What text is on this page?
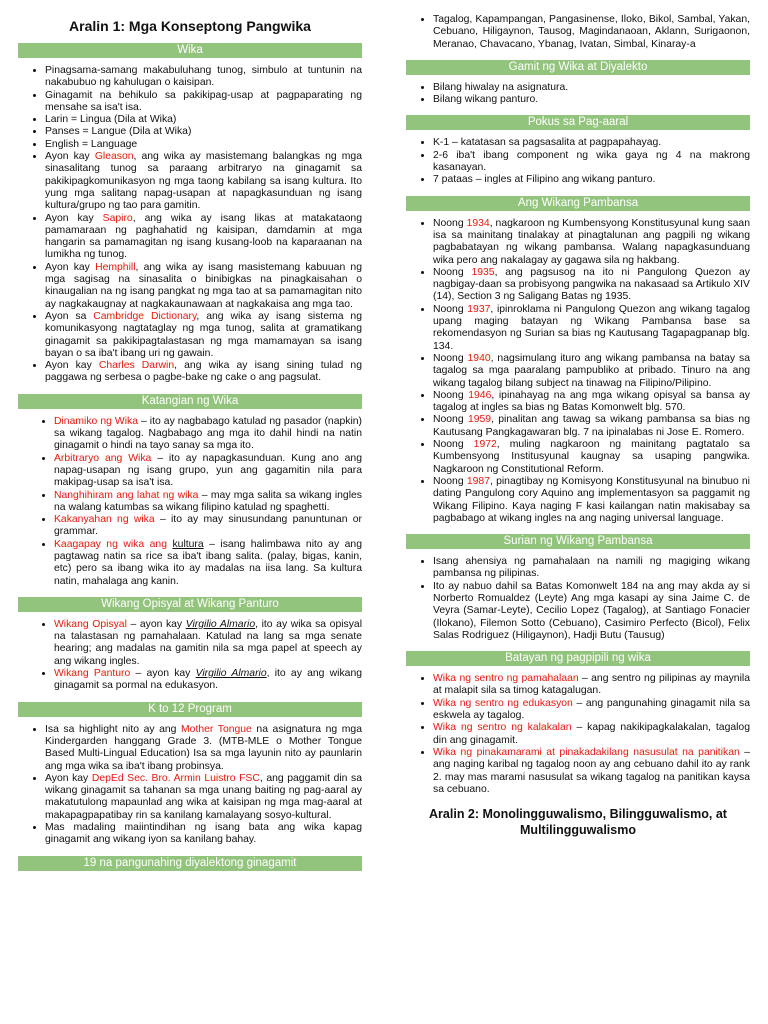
Aralin 1: Mga Konseptong Pangwika
Wika
• Pinagsama-samang makabuluhang tunog, simbulo at tuntunin na nakabubuo ng kahulugan o kaisipan.
• Ginagamit na behikulo sa pakikipag-usap at pagpaparating ng mensahe sa isa't isa.
• Larin = Lingua (Dila at Wika)
• Panses = Langue (Dila at Wika)
• English = Language
• Ayon kay Gleason, ang wika ay masistemang balangkas ng mga sinasalitang tunog sa paraang arbitraryo na ginagamit sa pakikipagkomunikasyon ng mga taong kabilang sa isang kultura. Ito yung mga salitang napag-usapan at napagkasunduan ng isang kultura/grupo ng tao para gamitin.
• Ayon kay Sapiro, ang wika ay isang likas at matakataong pamamaraan ng paghahatid ng kaisipan, damdamin at mga hangarin sa pamamagitan ng isang kusang-loob na kaparaanan na lumikha ng tunog.
• Ayon kay Hemphill, ang wika ay isang masistemang kabuuan ng mga sagisag na sinasalita o binibigkas na pinagkaisahan o kinaugalian na ng isang pangkat ng mga tao at sa pamamagitan nito ay nagkakaugnay at nagkakaunawaan at nagkakaisa ang mga tao.
• Ayon sa Cambridge Dictionary, ang wika ay isang sistema ng komunikasyong nagtataglay ng mga tunog, salita at gramatikang ginagamit sa pakikipagtalastasan ng mga mamamayan sa isang bayan o sa iba't ibang uri ng gawain.
• Ayon kay Charles Darwin, ang wika ay isang sining tulad ng paggawa ng serbesa o pagbe-bake ng cake o ang pagsulat.
Katangian ng Wika
• Dinamiko ng Wika – ito ay nagbabago katulad ng pasador (napkin) sa wikang tagalog. Nagbabago ang mga ito dahil hindi na natin ginagamit o hindi na tayo sanay sa mga ito.
• Arbitraryo ang Wika – ito ay napagkasunduan. Kung ano ang napag-usapan ng isang grupo, yun ang gagamitin nila para makipag-usap sa isa't isa.
• Nanghihiram ang lahat ng wika – may mga salita sa wikang ingles na walang katumbas sa wikang filipino katulad ng spaghetti.
• Kakanyahan ng wika – ito ay may sinusundang panuntunan or grammar.
• Kaagapay ng wika ang kultura – isang halimbawa nito ay ang pagtawag natin sa rice sa iba't ibang salita. (palay, bigas, kanin, etc) pero sa ibang wika ito ay madalas na iisa lang. Sa kultura natin, mahalaga ang kanin.
Wikang Opisyal at Wikang Panturo
• Wikang Opisyal – ayon kay Virgilio Almario, ito ay wika sa opisyal na talastasan ng pamahalaan. Katulad na lang sa mga senate hearing; ang madalas na gamitin nila sa mga papel at speech ay ang wikang ingles.
• Wikang Panturo – ayon kay Virgilio Almario, ito ay ang wikang ginagamit sa pormal na edukasyon.
K to 12 Program
• Isa sa highlight nito ay ang Mother Tongue na asignatura ng mga Kindergarden hanggang Grade 3. (MTB-MLE o Mother Tongue Based Multi-Lingual Education) Isa sa mga layunin nito ay paunlarin ang mga wika sa iba't ibang probinsya.
• Ayon kay DepEd Sec. Bro. Armin Luistro FSC, ang paggamit din sa wikang ginagamit sa tahanan sa mga unang baiting ng pag-aaral ay makatutulong mapaunlad ang wika at kaisipan ng mga mag-aaral at makapagpapatibay rin sa kanilang kamalayang sosyo-kultural.
• Mas madaling maiintindihan ng isang bata ang wika kapag ginagamit ang wikang iyon sa kanilang bahay.
19 na pangunahing diyalektong ginagamit
• Tagalog, Kapampangan, Pangasinense, Iloko, Bikol, Sambal, Yakan, Cebuano, Hiligaynon, Tausog, Magindanaoan, Aklann, Surigaonon, Meranao, Chavacano, Ybanag, Ivatan, Simbal, Kinaray-a
Gamit ng Wika at Diyalekto
• Bilang hiwalay na asignatura.
• Bilang wikang panturo.
Pokus sa Pag-aaral
• K-1 – katatasan sa pagsasalita at pagpapahayag.
• 2-6 iba't ibang component ng wika gaya ng 4 na makrong kasanayan.
• 7 pataas – ingles at Filipino ang wikang panturo.
Ang Wikang Pambansa
• Noong 1934, nagkaroon ng Kumbensyong Konstitusyunal kung saan isa sa mainitang tinalakay at pinagtalunan ang pagpili ng wikang pagbabatayan ng wikang pambansa. Walang napagkasunduang wika pero ang nakalagay ay gagawa sila ng hakbang.
• Noong 1935, ang pagsusog na ito ni Pangulong Quezon ay nagbigay-daan sa probisyong pangwika na nakasaad sa Artikulo XIV (14), Section 3 ng Saligang Batas ng 1935.
• Noong 1937, ipinroklama ni Pangulong Quezon ang wikang tagalog upang maging batayan ng Wikang Pambansa base sa rekomendasyon ng Surian sa bias ng Kautusang Tagapagpanap blg. 134.
• Noong 1940, nagsimulang ituro ang wikang pambansa na batay sa tagalog sa mga paaralang pampubliko at pribado. Tinuro na ang wikang tagalog bilang subject na tinawag na Filipino/Pilipino.
• Noong 1946, ipinahayag na ang mga wikang opisyal sa bansa ay tagalog at ingles sa bias ng Batas Komonwelt blg. 570.
• Noong 1959, pinalitan ang tawag sa wikang pambansa sa bias ng Kautusang Pangkagawaran blg. 7 na ipinalabas ni Jose E. Romero.
• Noong 1972, muling nagkaroon ng mainitang pagtatalo sa Kumbensyong Institusyunal kaugnay sa usaping pangwika. Nagkaroon ng Constitutional Reform.
• Noong 1987, pinagtibay ng Komisyong Konstitusyunal na binubuo ni dating Pangulong cory Aquino ang implementasyon sa paggamit ng Wikang Filipino. Kaya naging F kasi kailangan natin makisabay sa pagbabago at wikang ingles na ang naging universal language.
Surian ng Wikang Pambansa
• Isang ahensiya ng pamahalaan na namili ng magiging wikang pambansa ng pilipinas.
• Ito ay nabuo dahil sa Batas Komonwelt 184 na ang may akda ay si Norberto Romualdez (Leyte) Ang mga kasapi ay sina Jaime C. de Veyra (Samar-Leyte), Cecilio Lopez (Tagalog), at Santiago Fonacier (Ilokano), Filemon Sotto (Cebuano), Casimiro Perfecto (Bicol), Felix Salas Rodriguez (Hiligaynon), Hadji Butu (Tausug)
Batayan ng pagpipili ng wika
• Wika ng sentro ng pamahalaan – ang sentro ng pilipinas ay maynila at malapit sila sa timog katagalugan.
• Wika ng sentro ng edukasyon – ang pangunahing ginagamit nila sa eskwela ay tagalog.
• Wika ng sentro ng kalakalan – kapag nakikipagkalakalan, tagalog din ang ginagamit.
• Wika ng pinakamarami at pinakadakilang nasusulat na panitikan – ang naging karibal ng tagalog noon ay ang cebuano dahil ito ay rank 2. may mas marami nasusulat sa wikang tagalog na panitikan kaysa sa cebuano.
Aralin 2: Monolingguwalismo, Bilingguwalismo, at Multilingguwalismo
